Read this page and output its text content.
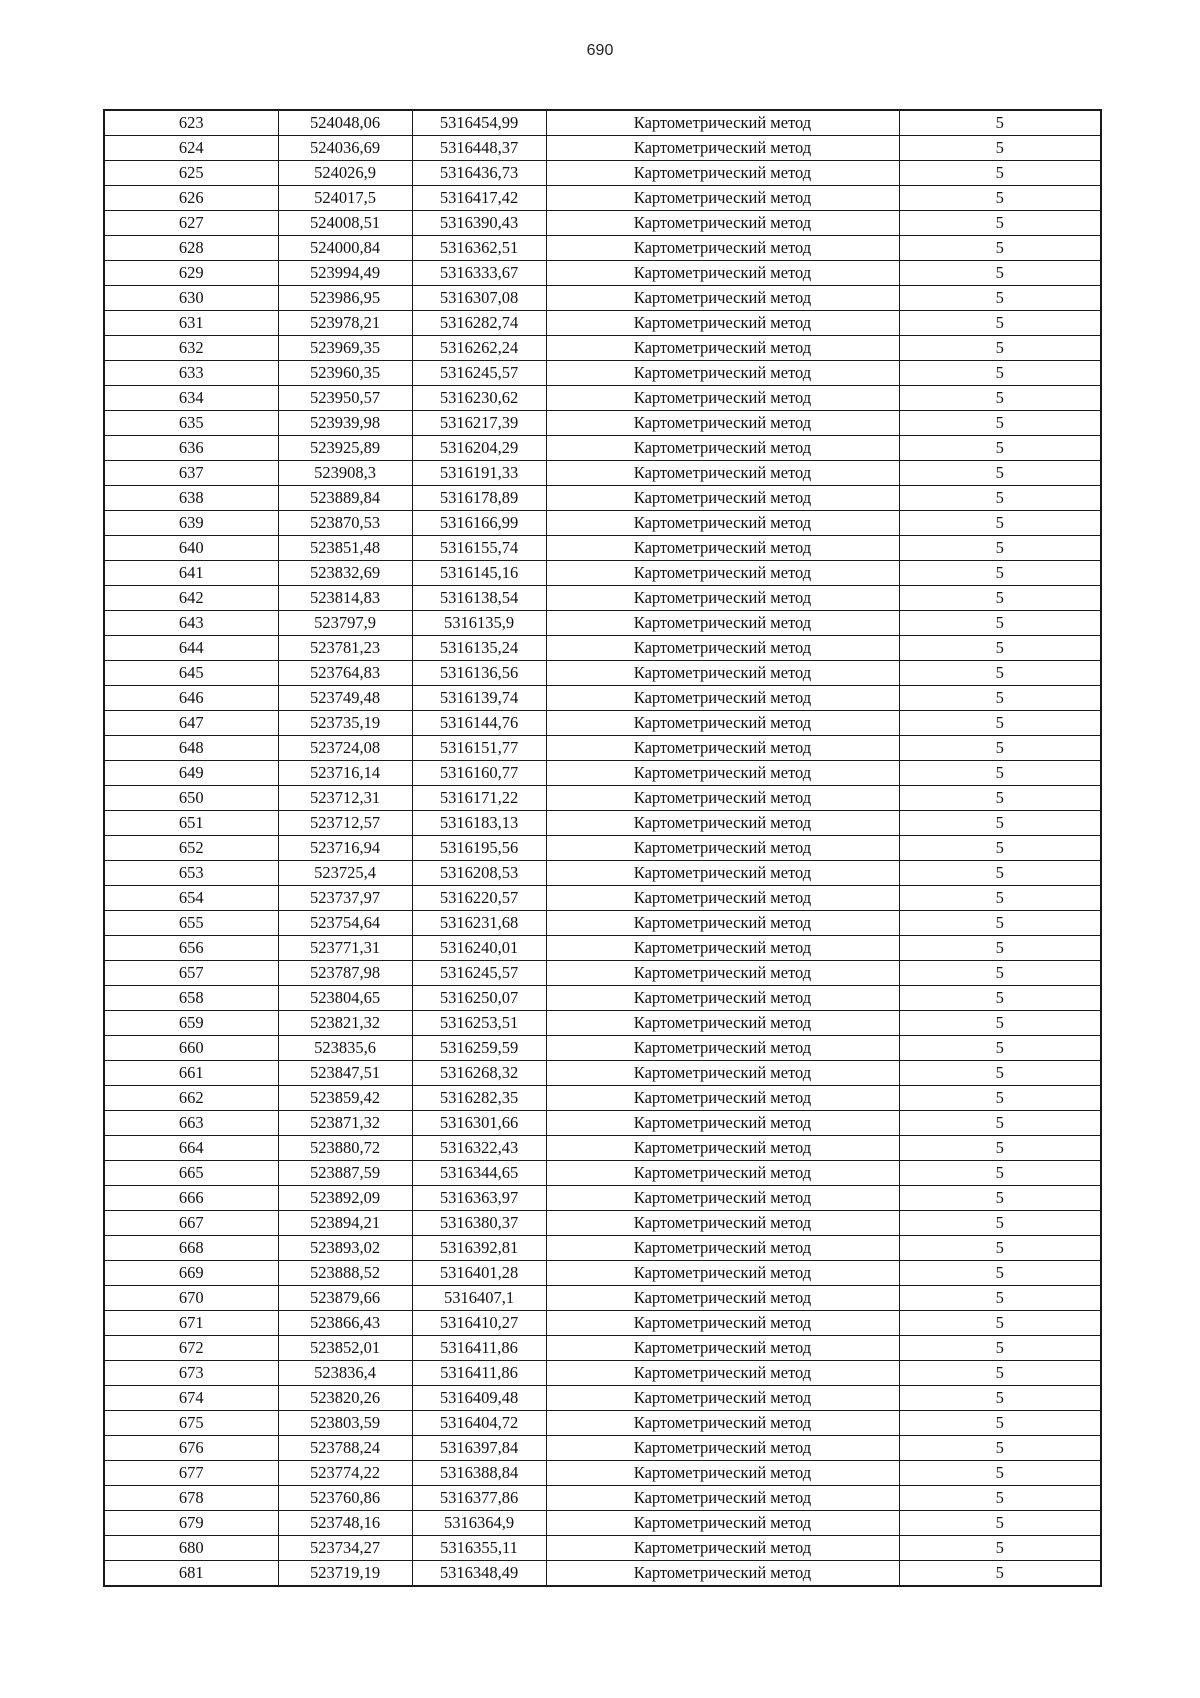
690
623	524048,06	5316454,99	Картометрический метод	5
624	524036,69	5316448,37	Картометрический метод	5
625	524026,9	5316436,73	Картометрический метод	5
626	524017,5	5316417,42	Картометрический метод	5
627	524008,51	5316390,43	Картометрический метод	5
628	524000,84	5316362,51	Картометрический метод	5
629	523994,49	5316333,67	Картометрический метод	5
630	523986,95	5316307,08	Картометрический метод	5
631	523978,21	5316282,74	Картометрический метод	5
632	523969,35	5316262,24	Картометрический метод	5
633	523960,35	5316245,57	Картометрический метод	5
634	523950,57	5316230,62	Картометрический метод	5
635	523939,98	5316217,39	Картометрический метод	5
636	523925,89	5316204,29	Картометрический метод	5
637	523908,3	5316191,33	Картометрический метод	5
638	523889,84	5316178,89	Картометрический метод	5
639	523870,53	5316166,99	Картометрический метод	5
640	523851,48	5316155,74	Картометрический метод	5
641	523832,69	5316145,16	Картометрический метод	5
642	523814,83	5316138,54	Картометрический метод	5
643	523797,9	5316135,9	Картометрический метод	5
644	523781,23	5316135,24	Картометрический метод	5
645	523764,83	5316136,56	Картометрический метод	5
646	523749,48	5316139,74	Картометрический метод	5
647	523735,19	5316144,76	Картометрический метод	5
648	523724,08	5316151,77	Картометрический метод	5
649	523716,14	5316160,77	Картометрический метод	5
650	523712,31	5316171,22	Картометрический метод	5
651	523712,57	5316183,13	Картометрический метод	5
652	523716,94	5316195,56	Картометрический метод	5
653	523725,4	5316208,53	Картометрический метод	5
654	523737,97	5316220,57	Картометрический метод	5
655	523754,64	5316231,68	Картометрический метод	5
656	523771,31	5316240,01	Картометрический метод	5
657	523787,98	5316245,57	Картометрический метод	5
658	523804,65	5316250,07	Картометрический метод	5
659	523821,32	5316253,51	Картометрический метод	5
660	523835,6	5316259,59	Картометрический метод	5
661	523847,51	5316268,32	Картометрический метод	5
662	523859,42	5316282,35	Картометрический метод	5
663	523871,32	5316301,66	Картометрический метод	5
664	523880,72	5316322,43	Картометрический метод	5
665	523887,59	5316344,65	Картометрический метод	5
666	523892,09	5316363,97	Картометрический метод	5
667	523894,21	5316380,37	Картометрический метод	5
668	523893,02	5316392,81	Картометрический метод	5
669	523888,52	5316401,28	Картометрический метод	5
670	523879,66	5316407,1	Картометрический метод	5
671	523866,43	5316410,27	Картометрический метод	5
672	523852,01	5316411,86	Картометрический метод	5
673	523836,4	5316411,86	Картометрический метод	5
674	523820,26	5316409,48	Картометрический метод	5
675	523803,59	5316404,72	Картометрический метод	5
676	523788,24	5316397,84	Картометрический метод	5
677	523774,22	5316388,84	Картометрический метод	5
678	523760,86	5316377,86	Картометрический метод	5
679	523748,16	5316364,9	Картометрический метод	5
680	523734,27	5316355,11	Картометрический метод	5
681	523719,19	5316348,49	Картометрический метод	5
